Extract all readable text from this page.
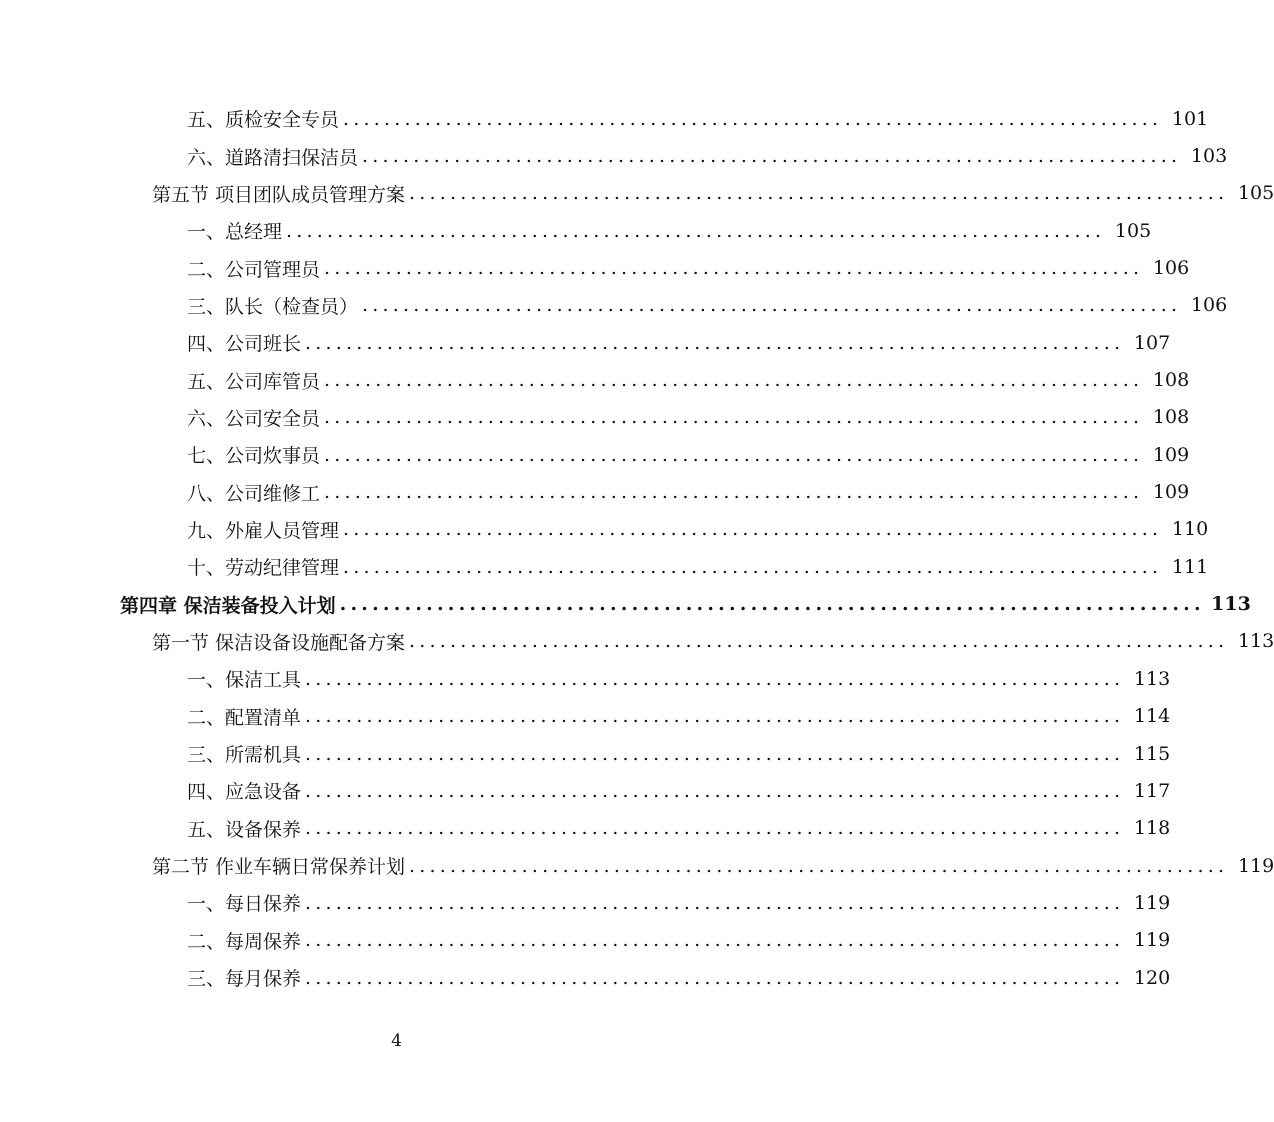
五、质检安全专员 ................................................................................ 101
六、道路清扫保洁员 ................................................................................ 103
第五节 项目团队成员管理方案 ................................................................................ 105
一、总经理 ................................................................................ 105
二、公司管理员 ................................................................................ 106
三、队长（检查员） ................................................................................ 106
四、公司班长 ................................................................................ 107
五、公司库管员 ................................................................................ 108
六、公司安全员 ................................................................................ 108
七、公司炊事员 ................................................................................ 109
八、公司维修工 ................................................................................ 109
九、外雇人员管理 ................................................................................ 110
十、劳动纪律管理 ................................................................................ 111
第四章 保洁装备投入计划 ................................................................................ 113
第一节 保洁设备设施配备方案 ................................................................................ 113
一、保洁工具 ................................................................................ 113
二、配置清单 ................................................................................ 114
三、所需机具 ................................................................................ 115
四、应急设备 ................................................................................ 117
五、设备保养 ................................................................................ 118
第二节 作业车辆日常保养计划 ................................................................................ 119
一、每日保养 ................................................................................ 119
二、每周保养 ................................................................................ 119
三、每月保养 ................................................................................ 120
4
